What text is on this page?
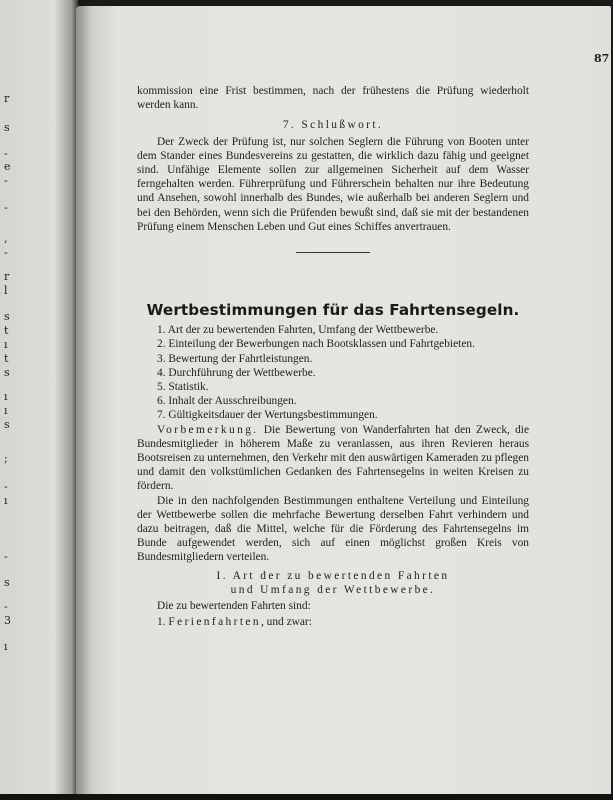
r
s
-
e
-
-
,
-
r
l
s
t
ı
t
s
ı
ı
s
;
-
ı
-
s
-
3
ı
87

kommission eine Frist bestimmen, nach der frühestens die Prüfung wiederholt werden kann.

7. Schlußwort.

Der Zweck der Prüfung ist, nur solchen Seglern die Führung von Booten unter dem Stander eines Bundesvereins zu gestatten, die wirklich dazu fähig und geeignet sind. Unfähige Elemente sollen zur allgemeinen Sicherheit auf dem Wasser ferngehalten werden. Führerprüfung und Führerschein behalten nur ihre Bedeutung und Ansehen, sowohl innerhalb des Bundes, wie außerhalb bei anderen Seglern und bei den Behörden, wenn sich die Prüfenden bewußt sind, daß sie mit der bestandenen Prüfung einem Menschen Leben und Gut eines Schiffes anvertrauen.

Wertbestimmungen für das Fahrtensegeln.

1. Art der zu bewertenden Fahrten, Umfang der Wettbewerbe.

2. Einteilung der Bewerbungen nach Bootsklassen und Fahrtgebieten.

3. Bewertung der Fahrtleistungen.

4. Durchführung der Wettbewerbe.

5. Statistik.

6. Inhalt der Ausschreibungen.

7. Gültigkeitsdauer der Wertungsbestimmungen.

Vorbemerkung. Die Bewertung von Wanderfahrten hat den Zweck, die Bundesmitglieder in höherem Maße zu veranlassen, aus ihren Revieren heraus Bootsreisen zu unternehmen, den Verkehr mit den auswärtigen Kameraden zu pflegen und damit den volkstümlichen Gedanken des Fahrtensegelns in weiten Kreisen zu fördern.

Die in den nachfolgenden Bestimmungen enthaltene Verteilung und Einteilung der Wettbewerbe sollen die mehrfache Bewertung derselben Fahrt verhindern und dazu beitragen, daß die Mittel, welche für die Förderung des Fahrtensegelns im Bunde aufgewendet werden, sich auf einen möglichst großen Kreis von Bundesmitgliedern verteilen.

I. Art der zu bewertenden Fahrten

und Umfang der Wettbewerbe.

Die zu bewertenden Fahrten sind:

1. Ferienfahrten, und zwar:
